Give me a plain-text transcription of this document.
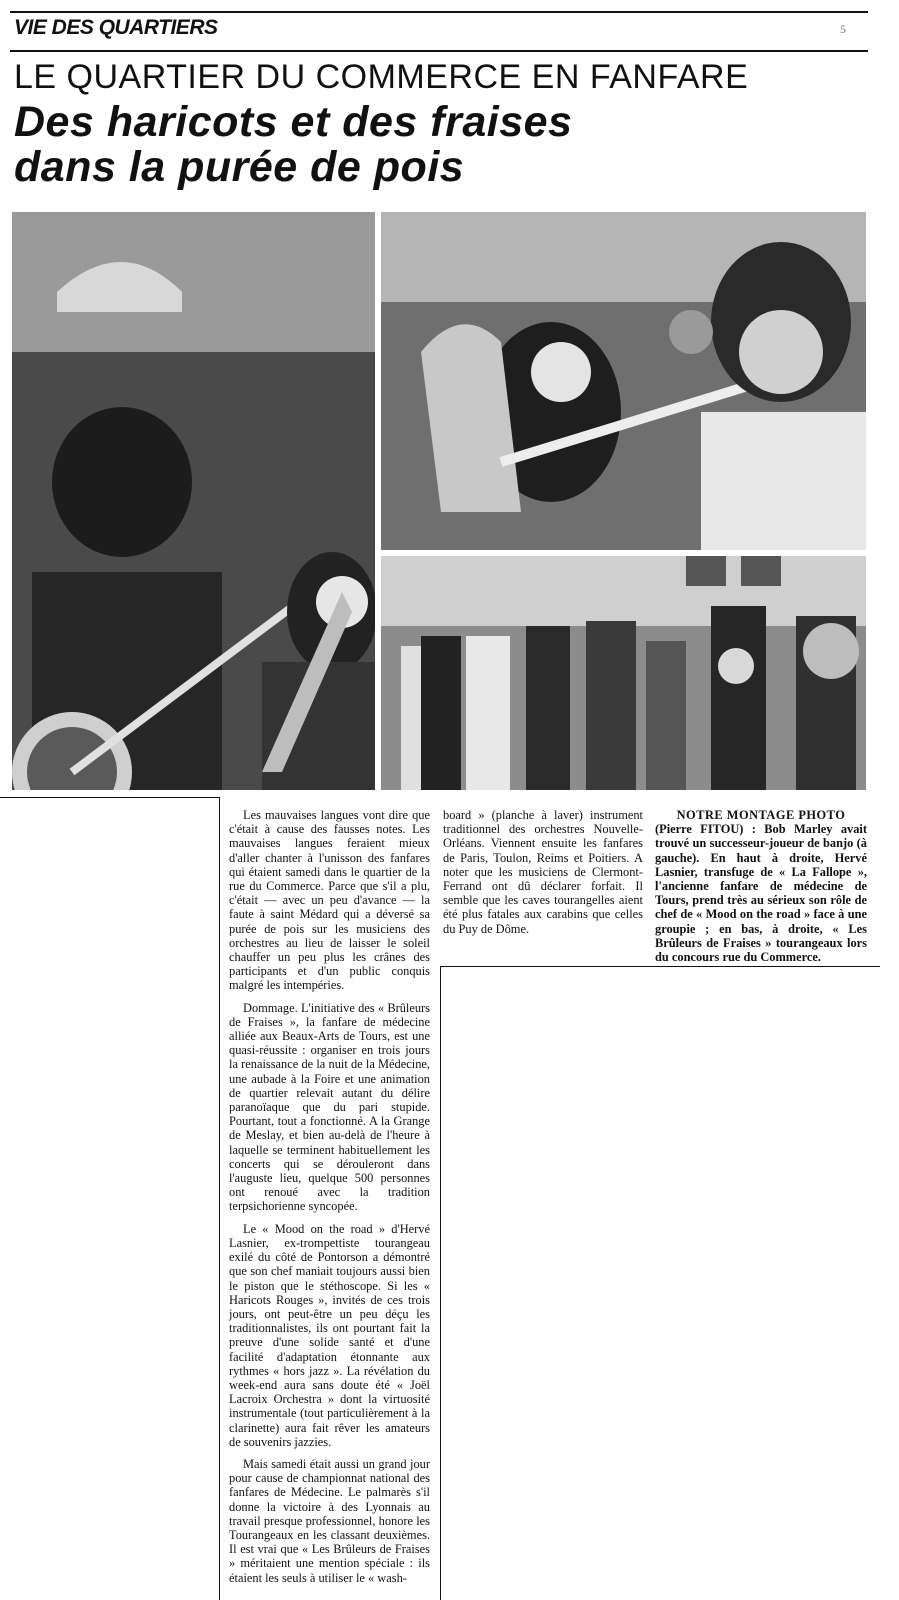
VIE DES QUARTIERS	5
LE QUARTIER DU COMMERCE EN FANFARE
Des haricots et des fraises
dans la purée de pois

Les mauvaises langues vont dire que c'était à cause des fausses notes. Les mauvaises langues feraient mieux d'aller chanter à l'unisson des fanfares qui étaient samedi dans le quartier de la rue du Commerce. Parce que s'il a plu, c'était — avec un peu d'avance — la faute à saint Médard qui a déversé sa purée de pois sur les musiciens des orchestres au lieu de laisser le soleil chauffer un peu plus les crânes des participants et d'un public conquis malgré les intempéries.

Dommage. L'initiative des « Brûleurs de Fraises », la fanfare de médecine alliée aux Beaux-Arts de Tours, est une quasi-réussite : organiser en trois jours la renaissance de la nuit de la Médecine, une aubade à la Foire et une animation de quartier relevait autant du délire paranoïaque que du pari stupide. Pourtant, tout a fonctionné. A la Grange de Meslay, et bien au-delà de l'heure à laquelle se terminent habituellement les concerts qui se dérouleront dans l'auguste lieu, quelque 500 personnes ont renoué avec la tradition terpsichorienne syncopée.

Le « Mood on the road » d'Hervé Lasnier, ex-trompettiste tourangeau exilé du côté de Pontorson a démontré que son chef maniait toujours aussi bien le piston que le stéthoscope. Si les « Haricots Rouges », invités de ces trois jours, ont peut-être un peu déçu les traditionnalistes, ils ont pourtant fait la preuve d'une solide santé et d'une facilité d'adaptation étonnante aux rythmes « hors jazz ». La révélation du week-end aura sans doute été « Joël Lacroix Orchestra » dont la virtuosité instrumentale (tout particulièrement à la clarinette) aura fait rêver les amateurs de souvenirs jazzies.

Mais samedi était aussi un grand jour pour cause de championnat national des fanfares de Médecine. Le palmarès s'il donne la victoire à des Lyonnais au travail presque professionnel, honore les Tourangeaux en les classant deuxièmes. Il est vrai que « Les Brûleurs de Fraises » méritaient une mention spéciale : ils étaient les seuls à utiliser le « wash-

board » (planche à laver) instrument traditionnel des orchestres Nouvelle-Orléans. Viennent ensuite les fanfares de Paris, Toulon, Reims et Poitiers. A noter que les musiciens de Clermont-Ferrand ont dû déclarer forfait. Il semble que les caves tourangelles aient été plus fatales aux carabins que celles du Puy de Dôme.

NOTRE MONTAGE PHOTO
(Pierre FITOU) : Bob Marley avait trouvé un successeur-joueur de banjo (à gauche). En haut à droite, Hervé Lasnier, transfuge de « La Fallope », l'ancienne fanfare de médecine de Tours, prend très au sérieux son rôle de chef de « Mood on the road » face à une groupie ; en bas, à droite, « Les Brûleurs de Fraises » tourangeaux lors du concours rue du Commerce.
